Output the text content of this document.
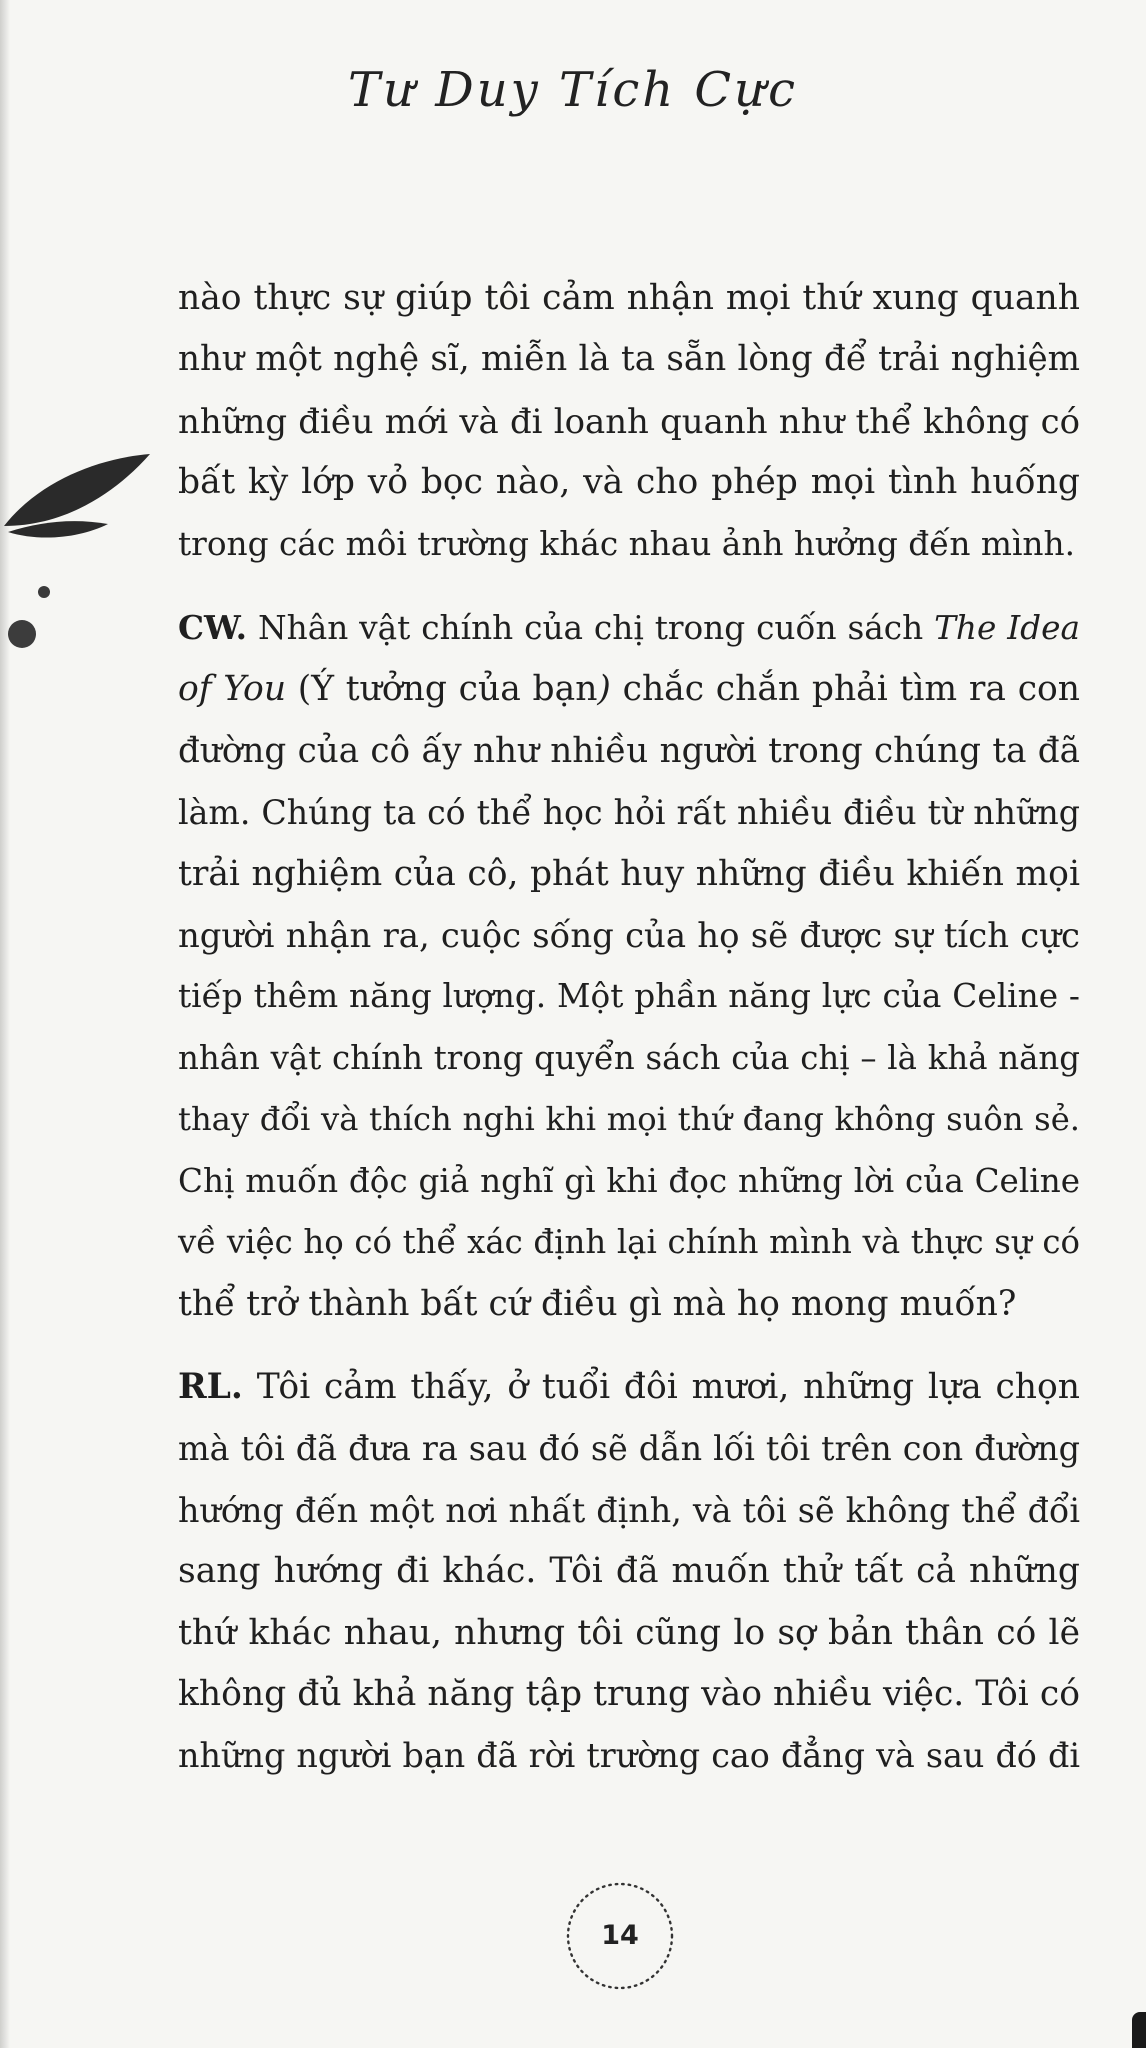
Tư Duy Tích Cực
nào thực sự giúp tôi cảm nhận mọi thứ xung quanh
như một nghệ sĩ, miễn là ta sẵn lòng để trải nghiệm
những điều mới và đi loanh quanh như thể không có
bất kỳ lớp vỏ bọc nào, và cho phép mọi tình huống
trong các môi trường khác nhau ảnh hưởng đến mình.
CW. Nhân vật chính của chị trong cuốn sách The Idea
of You (Ý tưởng của bạn) chắc chắn phải tìm ra con
đường của cô ấy như nhiều người trong chúng ta đã
làm. Chúng ta có thể học hỏi rất nhiều điều từ những
trải nghiệm của cô, phát huy những điều khiến mọi
người nhận ra, cuộc sống của họ sẽ được sự tích cực
tiếp thêm năng lượng. Một phần năng lực của Celine -
nhân vật chính trong quyển sách của chị – là khả năng
thay đổi và thích nghi khi mọi thứ đang không suôn sẻ.
Chị muốn độc giả nghĩ gì khi đọc những lời của Celine
về việc họ có thể xác định lại chính mình và thực sự có
thể trở thành bất cứ điều gì mà họ mong muốn?
RL. Tôi cảm thấy, ở tuổi đôi mươi, những lựa chọn
mà tôi đã đưa ra sau đó sẽ dẫn lối tôi trên con đường
hướng đến một nơi nhất định, và tôi sẽ không thể đổi
sang hướng đi khác. Tôi đã muốn thử tất cả những
thứ khác nhau, nhưng tôi cũng lo sợ bản thân có lẽ
không đủ khả năng tập trung vào nhiều việc. Tôi có
những người bạn đã rời trường cao đẳng và sau đó đi
14
